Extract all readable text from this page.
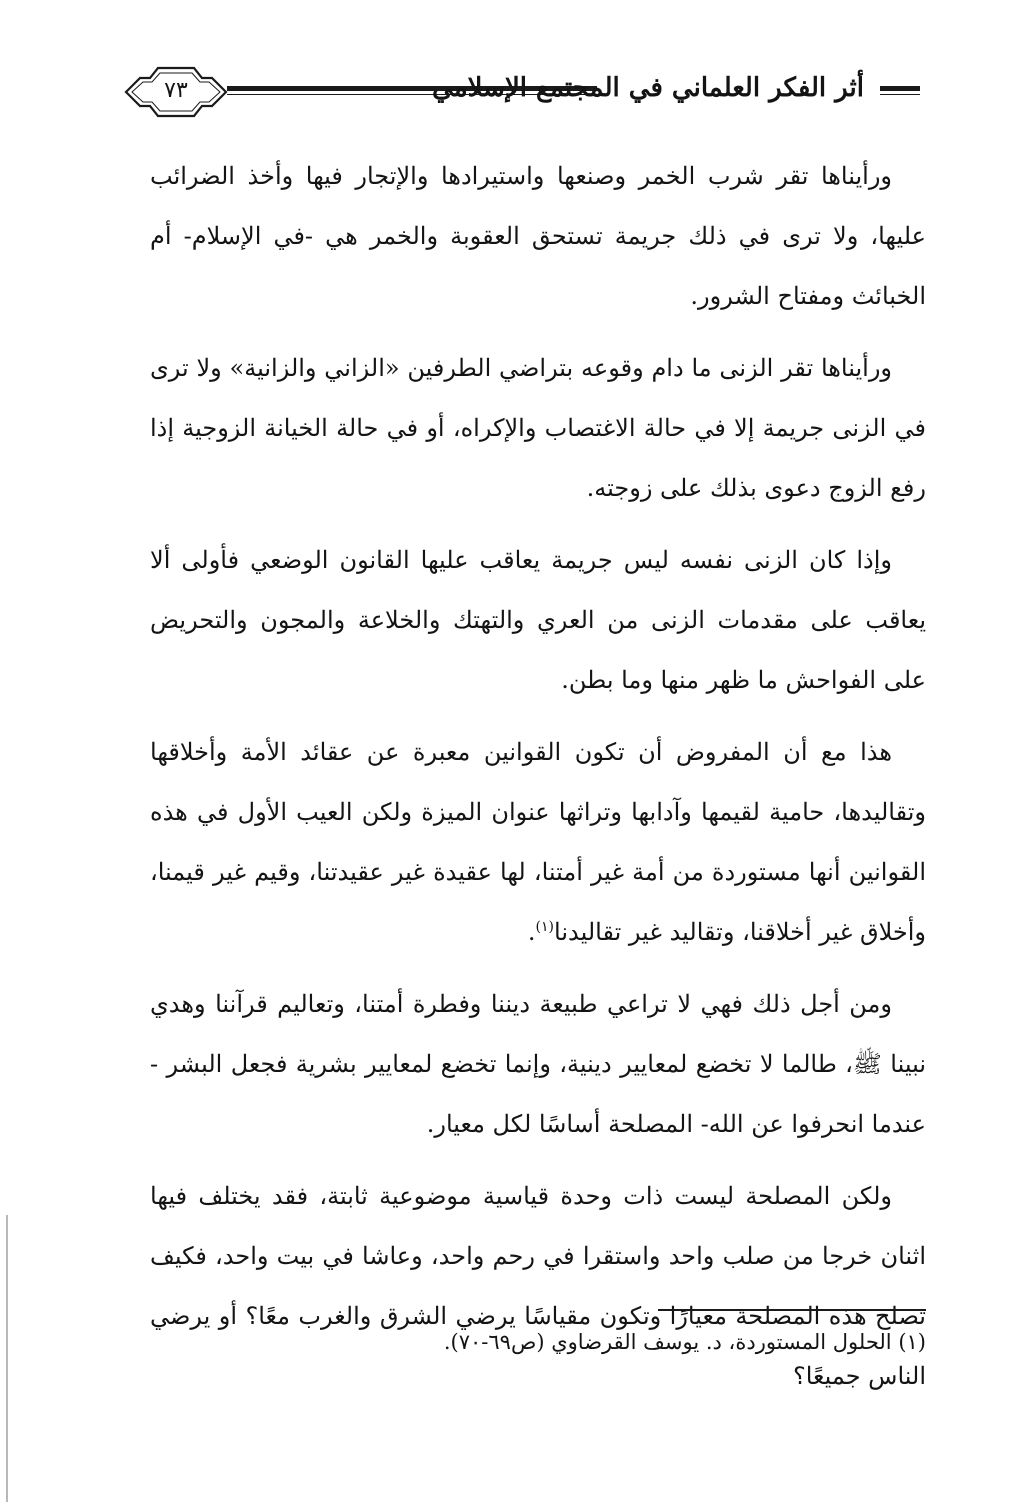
٧٣	أثر الفكر العلماني في المجتمع الإسلامي

ورأيناها تقر شرب الخمر وصنعها واستيرادها والإتجار فيها وأخذ الضرائب عليها، ولا ترى في ذلك جريمة تستحق العقوبة والخمر هي -في الإسلام- أم الخبائث ومفتاح الشرور.

ورأيناها تقر الزنى ما دام وقوعه بتراضي الطرفين «الزاني والزانية» ولا ترى في الزنى جريمة إلا في حالة الاغتصاب والإكراه، أو في حالة الخيانة الزوجية إذا رفع الزوج دعوى بذلك على زوجته.

وإذا كان الزنى نفسه ليس جريمة يعاقب عليها القانون الوضعي فأولى ألا يعاقب على مقدمات الزنى من العري والتهتك والخلاعة والمجون والتحريض على الفواحش ما ظهر منها وما بطن.

هذا مع أن المفروض أن تكون القوانين معبرة عن عقائد الأمة وأخلاقها وتقاليدها، حامية لقيمها وآدابها وتراثها عنوان الميزة ولكن العيب الأول في هذه القوانين أنها مستوردة من أمة غير أمتنا، لها عقيدة غير عقيدتنا، وقيم غير قيمنا، وأخلاق غير أخلاقنا، وتقاليد غير تقاليدنا$^{(١)}$.

ومن أجل ذلك فهي لا تراعي طبيعة ديننا وفطرة أمتنا، وتعاليم قرآننا وهدي نبينا ﷺ، طالما لا تخضع لمعايير دينية، وإنما تخضع لمعايير بشرية فجعل البشر - عندما انحرفوا عن الله- المصلحة أساسًا لكل معيار.

ولكن المصلحة ليست ذات وحدة قياسية موضوعية ثابتة، فقد يختلف فيها اثنان خرجا من صلب واحد واستقرا في رحم واحد، وعاشا في بيت واحد، فكيف تصلح هذه المصلحة معيارًا وتكون مقياسًا يرضي الشرق والغرب معًا؟ أو يرضي الناس جميعًا؟

(١) الحلول المستوردة، د. يوسف القرضاوي (ص٦٩-٧٠).
